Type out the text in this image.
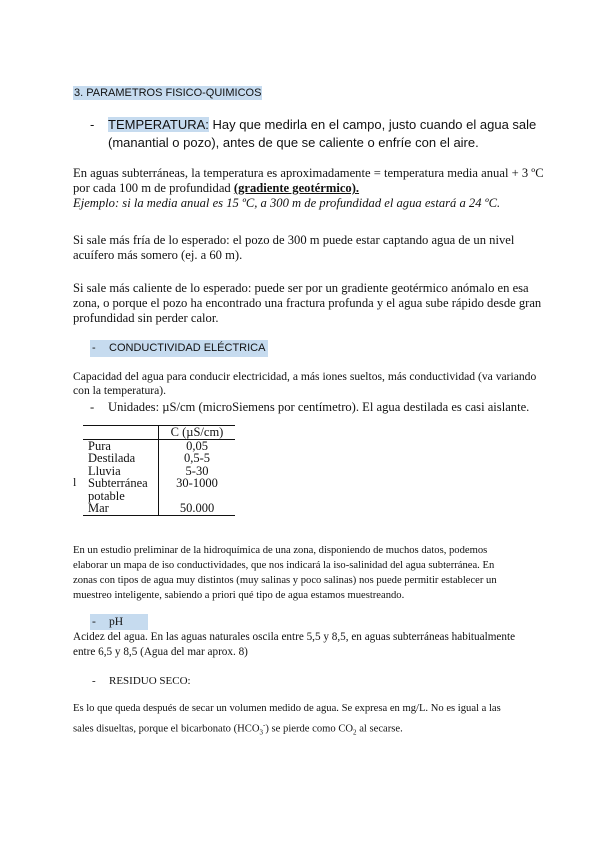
3. PARAMETROS FISICO-QUIMICOS
- TEMPERATURA: Hay que medirla en el campo, justo cuando el agua sale
(manantial o pozo), antes de que se caliente o enfríe con el aire.

En aguas subterráneas, la temperatura es aproximadamente = temperatura media anual + 3 ºC

por cada 100 m de profundidad (gradiente geotérmico).

Ejemplo: si la media anual es 15 ºC, a 300 m de profundidad el agua estará a 24 ºC.

Si sale más fría de lo esperado: el pozo de 300 m puede estar captando agua de un nivel

acuífero más somero (ej. a 60 m).

Si sale más caliente de lo esperado: puede ser por un gradiente geotérmico anómalo en esa

zona, o porque el pozo ha encontrado una fractura profunda y el agua sube rápido desde gran

profundidad sin perder calor.

- CONDUCTIVIDAD ELÉCTRICA

Capacidad del agua para conducir electricidad, a más iones sueltos, más conductividad (va variando

con la temperatura).

- Unidades: µS/cm (microSiemens por centímetro). El agua destilada es casi aislante.
l
	C (µS/cm)
Pura	0,05
Destilada	0,5-5
Lluvia	5-30
Subterránea	30-1000
potable	
Mar	50.000

En un estudio preliminar de la hidroquímica de una zona, disponiendo de muchos datos, podemos

elaborar un mapa de iso conductividades, que nos indicará la iso-salinidad del agua subterránea. En

zonas con tipos de agua muy distintos (muy salinas y poco salinas) nos puede permitir establecer un

muestreo inteligente, sabiendo a priori qué tipo de agua estamos muestreando.

- pH

Acidez del agua. En las aguas naturales oscila entre 5,5 y 8,5, en aguas subterráneas habitualmente

entre 6,5 y 8,5 (Agua del mar aprox. 8)

- RESIDUO SECO:

Es lo que queda después de secar un volumen medido de agua. Se expresa en mg/L. No es igual a las

sales disueltas, porque el bicarbonato $(HCO_3^-)$ se pierde como $CO_2$ al secarse.
